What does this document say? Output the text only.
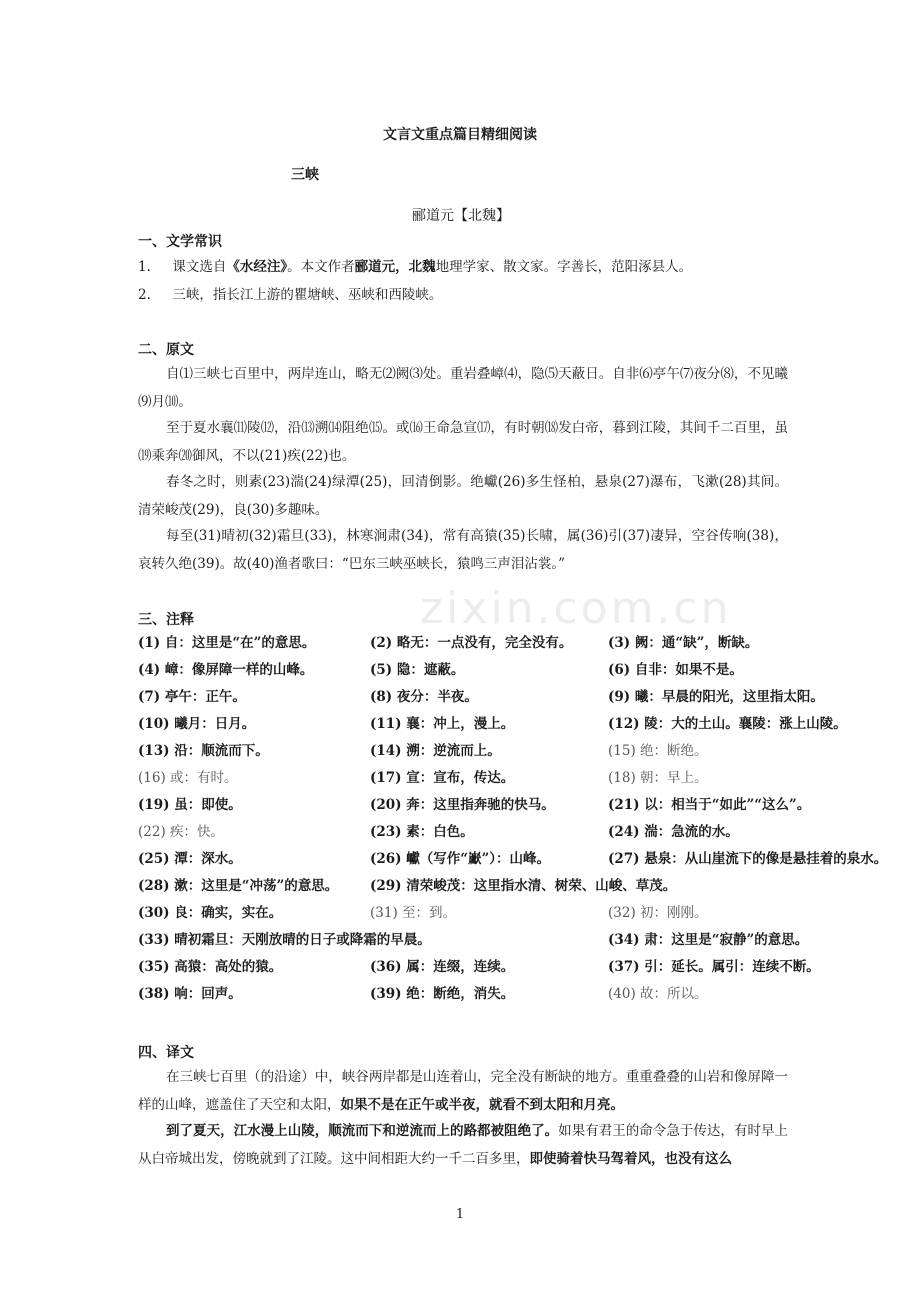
zixin.com.cn
文言文重点篇目精细阅读
三峡
郦道元【北魏】
一、文学常识
1. 课文选自《水经注》。本文作者郦道元，北魏地理学家、散文家。字善长，范阳涿县人。
2. 三峡，指长江上游的瞿塘峡、巫峡和西陵峡。
二、原文
自⑴三峡七百里中，两岸连山，略无⑵阙⑶处。重岩叠嶂⑷，隐⑸天蔽日。自非⑹亭午⑺夜分⑻，不见曦⑼月⑽。
至于夏水襄⑾陵⑿，沿⒀溯⒁阻绝⒂。或⒃王命急宣⒄，有时朝⒅发白帝，暮到江陵，其间千二百里，虽⒆乘奔⒇御风，不以(21)疾(22)也。
春冬之时，则素(23)湍(24)绿潭(25)，回清倒影。绝巘(26)多生怪柏，悬泉(27)瀑布，飞漱(28)其间。清荣峻茂(29)，良(30)多趣味。
每至(31)晴初(32)霜旦(33)，林寒涧肃(34)，常有高猿(35)长啸，属(36)引(37)凄异，空谷传响(38)，哀转久绝(39)。故(40)渔者歌曰：“巴东三峡巫峡长，猿鸣三声泪沾裳。”
三、注释
(1) 自：这里是“在”的意思。	(2) 略无：一点没有，完全没有。	(3) 阙：通“缺”，断缺。
(4) 嶂：像屏障一样的山峰。	(5) 隐：遮蔽。	(6) 自非：如果不是。
(7) 亭午：正午。	(8) 夜分：半夜。	(9) 曦：早晨的阳光，这里指太阳。
(10) 曦月：日月。	(11) 襄：冲上，漫上。	(12) 陵：大的土山。襄陵：涨上山陵。
(13) 沿：顺流而下。	(14) 溯：逆流而上。	(15) 绝：断绝。
(16) 或：有时。	(17) 宣：宣布，传达。	(18) 朝：早上。
(19) 虽：即使。	(20) 奔：这里指奔驰的快马。	(21) 以：相当于“如此”“这么”。
(22) 疾：快。	(23) 素：白色。	(24) 湍：急流的水。
(25) 潭：深水。	(26) 巘（写作“巚”）：山峰。	(27) 悬泉：从山崖流下的像是悬挂着的泉水。
(28) 漱：这里是“冲荡”的意思。 (29) 清荣峻茂：这里指水清、树荣、山峻、草茂。
(30) 良：确实，实在。	(31) 至：到。	(32) 初：刚刚。
(33) 晴初霜旦：天刚放晴的日子或降霜的早晨。	(34) 肃：这里是“寂静”的意思。
(35) 高猿：高处的猿。	(36) 属：连缀，连续。	(37) 引：延长。属引：连续不断。
(38) 响：回声。	(39) 绝：断绝，消失。	(40) 故：所以。
四、译文
在三峡七百里（的沿途）中，峡谷两岸都是山连着山，完全没有断缺的地方。重重叠叠的山岩和像屏障一样的山峰，遮盖住了天空和太阳，如果不是在正午或半夜，就看不到太阳和月亮。
到了夏天，江水漫上山陵，顺流而下和逆流而上的路都被阻绝了。如果有君王的命令急于传达，有时早上从白帝城出发，傍晚就到了江陵。这中间相距大约一千二百多里，即使骑着快马驾着风，也没有这么
1
